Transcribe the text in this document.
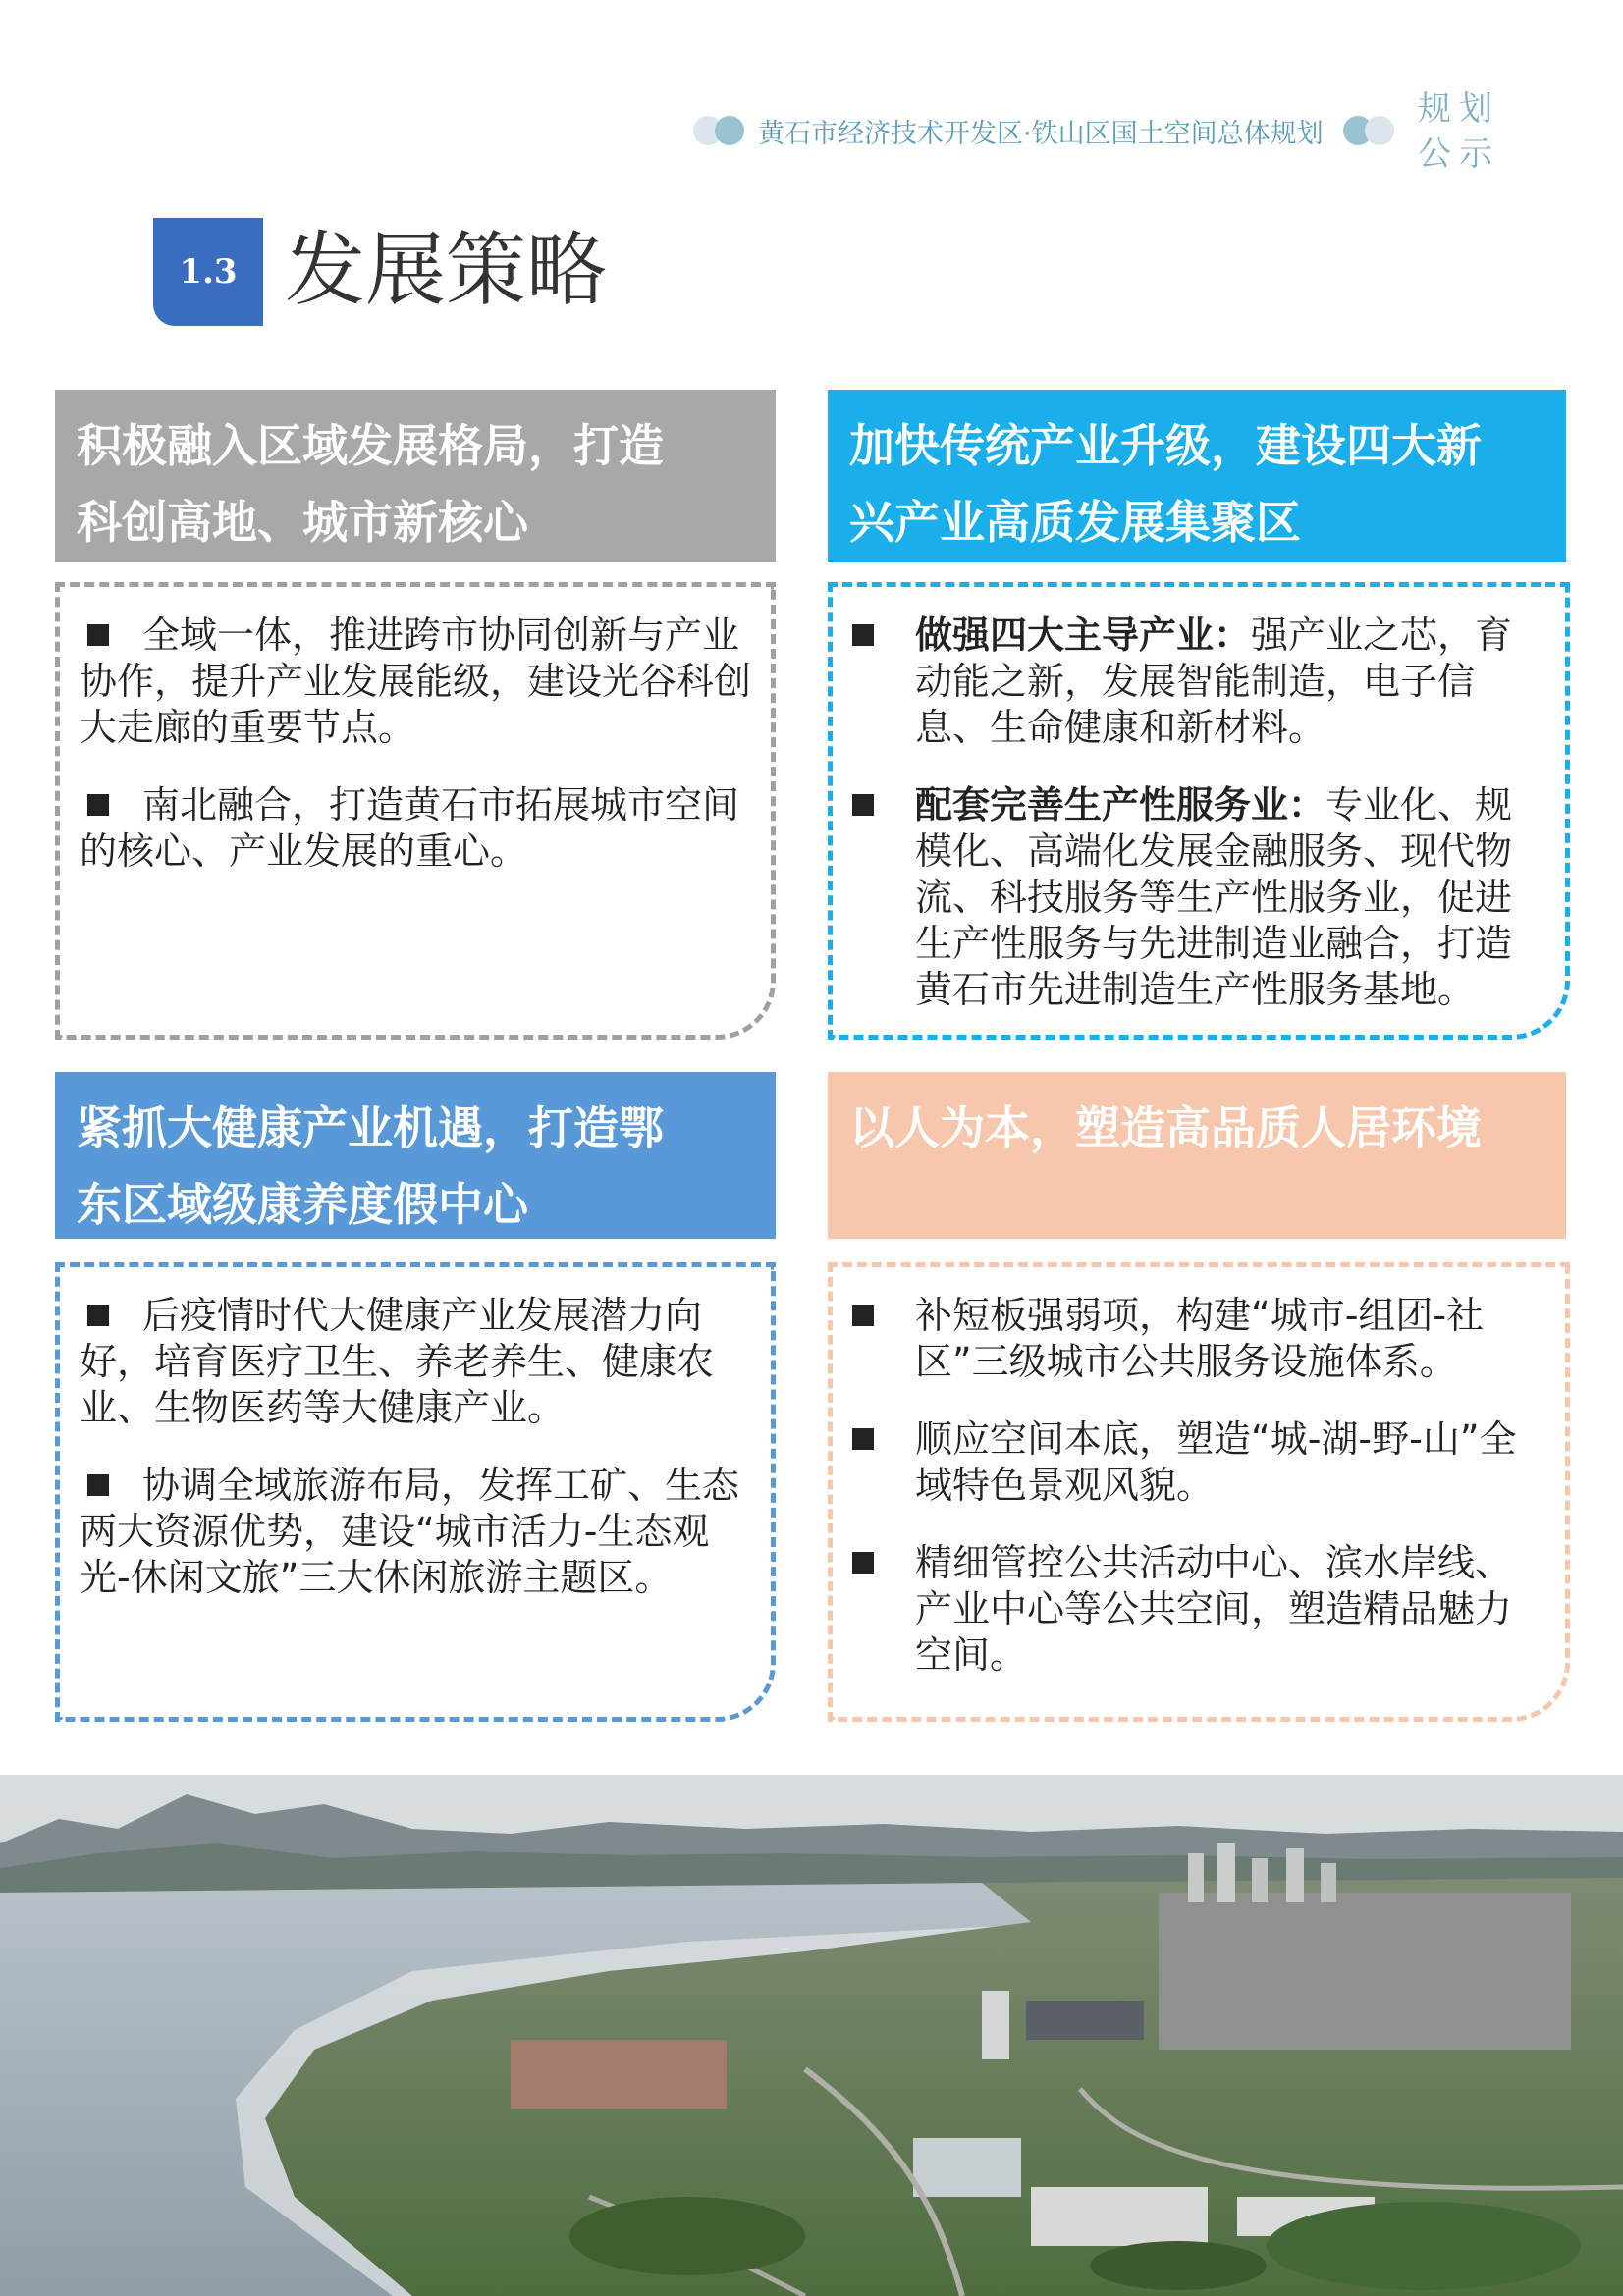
黄石市经济技术开发区·铁山区国土空间总体规划
规划
公示
1.3 发展策略
积极融入区域发展格局，打造
科创高地、城市新核心
全域一体，推进跨市协同创新与产业协作，提升产业发展能级，建设光谷科创大走廊的重要节点。
南北融合，打造黄石市拓展城市空间的核心、产业发展的重心。
加快传统产业升级，建设四大新
兴产业高质发展集聚区
做强四大主导产业：强产业之芯，育动能之新，发展智能制造，电子信息、生命健康和新材料。
配套完善生产性服务业：专业化、规模化、高端化发展金融服务、现代物流、科技服务等生产性服务业，促进生产性服务与先进制造业融合，打造黄石市先进制造生产性服务基地。
紧抓大健康产业机遇，打造鄂
东区域级康养度假中心
后疫情时代大健康产业发展潜力向好，培育医疗卫生、养老养生、健康农业、生物医药等大健康产业。
协调全域旅游布局，发挥工矿、生态两大资源优势，建设“城市活力-生态观光-休闲文旅”三大休闲旅游主题区。
以人为本，塑造高品质人居环境
补短板强弱项，构建“城市-组团-社区”三级城市公共服务设施体系。
顺应空间本底，塑造“城-湖-野-山”全域特色景观风貌。
精细管控公共活动中心、滨水岸线、产业中心等公共空间，塑造精品魅力空间。
